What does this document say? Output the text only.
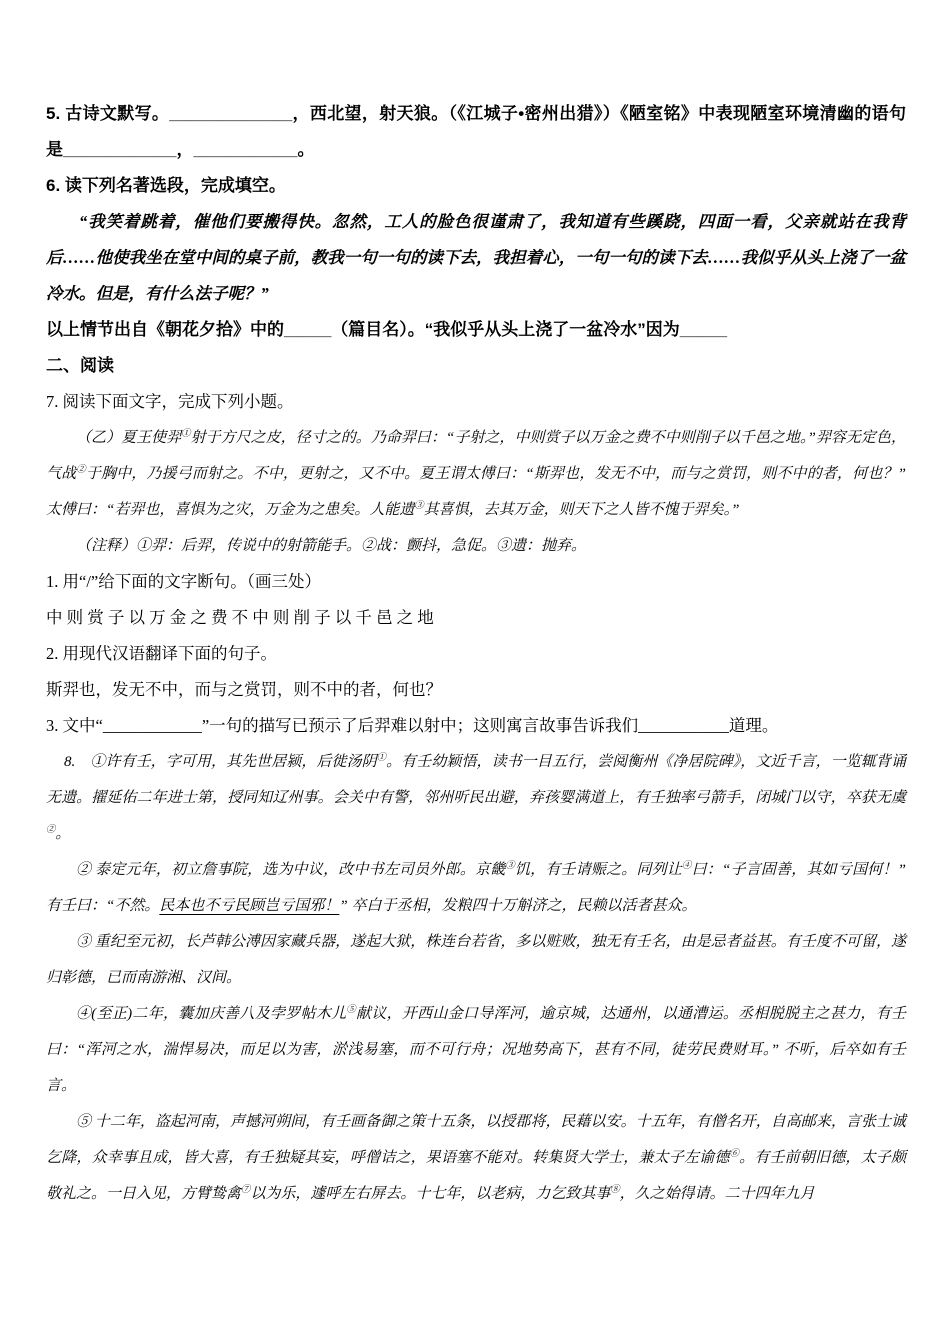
5. 古诗文默写。_____________，西北望，射天狼。（《江城子•密州出猎》）《陋室铭》中表现陋室环境清幽的语句是____________，___________。

6. 读下列名著选段，完成填空。

“我笑着跳着，催他们要搬得快。忽然，工人的脸色很谨肃了，我知道有些蹊跷，四面一看，父亲就站在我背后……他使我坐在堂中间的桌子前，教我一句一句的读下去，我担着心，一句一句的读下去……我似乎从头上浇了一盆冷水。但是，有什么法子呢？”

以上情节出自《朝花夕拾》中的_____（篇目名）。“我似乎从头上浇了一盆冷水”因为_____

二、阅读

7. 阅读下面文字，完成下列小题。

（乙）夏王使羿①射于方尺之皮，径寸之的。乃命羿曰：“子射之，中则赏子以万金之费不中则削子以千邑之地。”羿容无定色，气战②于胸中，乃援弓而射之。不中，更射之，又不中。夏王谓太傅曰：“斯羿也，发无不中，而与之赏罚，则不中的者，何也？”太傅曰：“若羿也，喜惧为之灾，万金为之患矣。人能遗③其喜惧，去其万金，则天下之人皆不愧于羿矣。”

（注释）①羿：后羿，传说中的射箭能手。②战：颤抖，急促。③遗：抛弃。

1. 用“/”给下面的文字断句。（画三处）

中 则 赏 子 以 万 金 之 费 不 中 则 削 子 以 千 邑 之 地

2. 用现代汉语翻译下面的句子。

斯羿也，发无不中，而与之赏罚，则不中的者，何也？

3. 文中“____________”一句的描写已预示了后羿难以射中；这则寓言故事告诉我们___________道理。

8.　①许有壬，字可用，其先世居颍，后徙汤阴①。有壬幼颖悟，读书一目五行，尝阅衡州《净居院碑》，文近千言，一览辄背诵无遗。擢延佑二年进士第，授同知辽州事。会关中有警，邻州听民出避，弃孩婴满道上，有壬独率弓箭手，闭城门以守，卒获无虞②。

② 泰定元年，初立詹事院，选为中议，改中书左司员外郎。京畿③饥，有壬请赈之。同列让④曰：“子言固善，其如亏国何！”有壬曰：“不然。民本也不亏民顾岂亏国邪！” 卒白于丞相，发粮四十万斛济之，民赖以活者甚众。

③ 重纪至元初，长芦韩公溥因家藏兵器，遂起大狱，株连台若省，多以赃败，独无有壬名，由是忌者益甚。有壬度不可留，遂归彰德，已而南游湘、汉间。

④(至正)二年，囊加庆善八及孛罗帖木儿⑤献议，开西山金口导浑河，逾京城，达通州，以通漕运。丞相脱脱主之甚力，有壬曰：“浑河之水，湍悍易决，而足以为害，淤浅易塞，而不可行舟；况地势高下，甚有不同，徒劳民费财耳。” 不听，后卒如有壬言。

⑤ 十二年，盗起河南，声撼河朔间，有壬画备御之策十五条，以授郡将，民藉以安。十五年，有僧名开，自高邮来，言张士诚乞降，众幸事且成，皆大喜，有壬独疑其妄，呼僧诘之，果语塞不能对。转集贤大学士，兼太子左谕德⑥。有壬前朝旧德，太子颇敬礼之。一日入见，方臂鸷禽⑦以为乐，遽呼左右屏去。十七年，以老病，力乞致其事⑧，久之始得请。二十四年九月
